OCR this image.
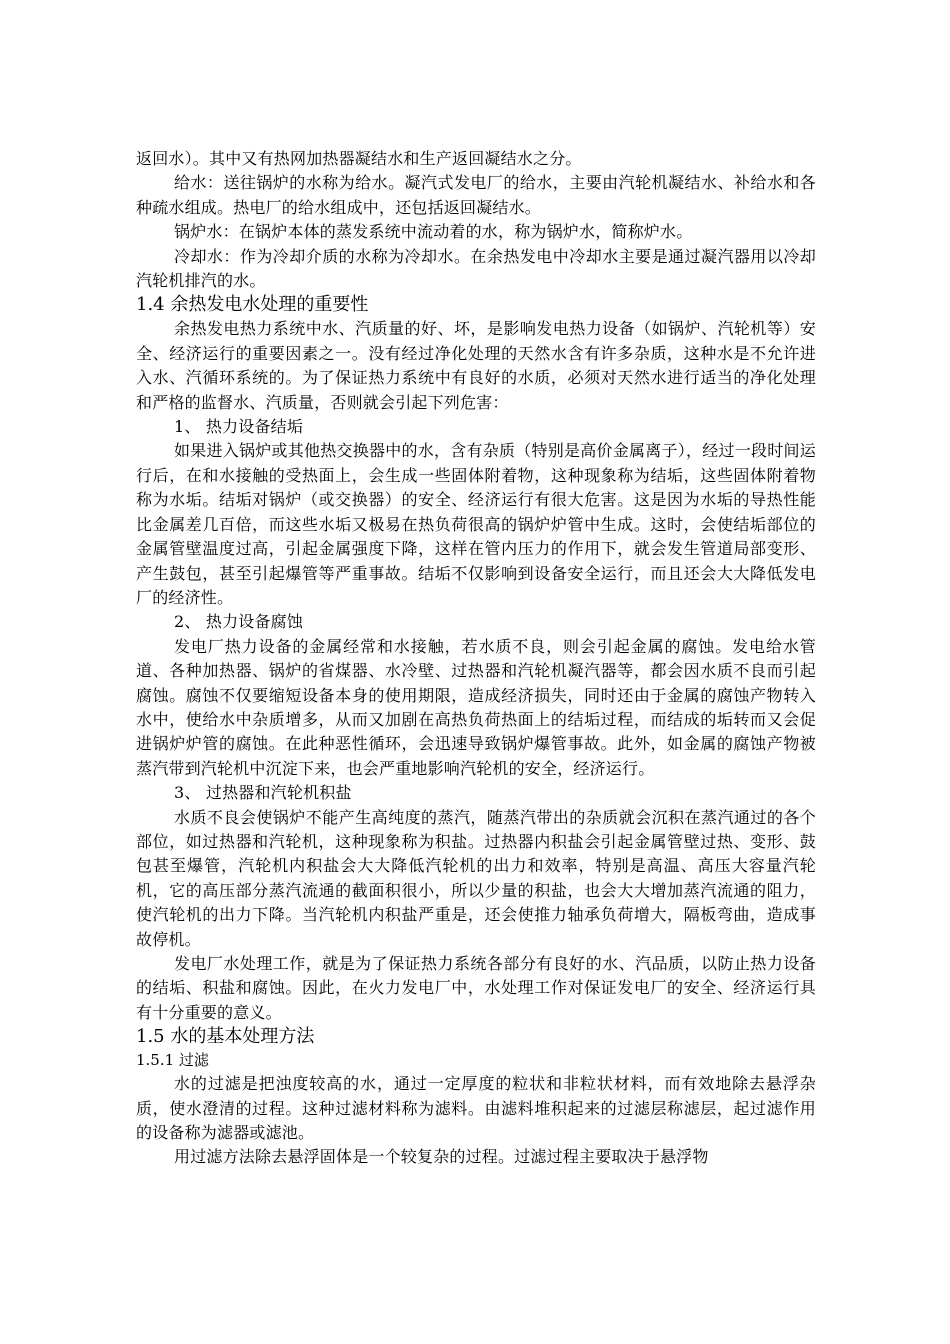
返回水）。其中又有热网加热器凝结水和生产返回凝结水之分。

给水：送往锅炉的水称为给水。凝汽式发电厂的给水，主要由汽轮机凝结水、补给水和各种疏水组成。热电厂的给水组成中，还包括返回凝结水。

锅炉水：在锅炉本体的蒸发系统中流动着的水，称为锅炉水，简称炉水。

冷却水：作为冷却介质的水称为冷却水。在余热发电中冷却水主要是通过凝汽器用以冷却汽轮机排汽的水。

1.4 余热发电水处理的重要性

余热发电热力系统中水、汽质量的好、坏，是影响发电热力设备（如锅炉、汽轮机等）安全、经济运行的重要因素之一。没有经过净化处理的天然水含有许多杂质，这种水是不允许进入水、汽循环系统的。为了保证热力系统中有良好的水质，必须对天然水进行适当的净化处理和严格的监督水、汽质量，否则就会引起下列危害：

1、 热力设备结垢

如果进入锅炉或其他热交换器中的水，含有杂质（特别是高价金属离子），经过一段时间运行后，在和水接触的受热面上，会生成一些固体附着物，这种现象称为结垢，这些固体附着物称为水垢。结垢对锅炉（或交换器）的安全、经济运行有很大危害。这是因为水垢的导热性能比金属差几百倍，而这些水垢又极易在热负荷很高的锅炉炉管中生成。这时，会使结垢部位的金属管壁温度过高，引起金属强度下降，这样在管内压力的作用下，就会发生管道局部变形、产生鼓包，甚至引起爆管等严重事故。结垢不仅影响到设备安全运行，而且还会大大降低发电厂的经济性。

2、 热力设备腐蚀

发电厂热力设备的金属经常和水接触，若水质不良，则会引起金属的腐蚀。发电给水管道、各种加热器、锅炉的省煤器、水冷壁、过热器和汽轮机凝汽器等，都会因水质不良而引起腐蚀。腐蚀不仅要缩短设备本身的使用期限，造成经济损失，同时还由于金属的腐蚀产物转入水中，使给水中杂质增多，从而又加剧在高热负荷热面上的结垢过程，而结成的垢转而又会促进锅炉炉管的腐蚀。在此种恶性循环，会迅速导致锅炉爆管事故。此外，如金属的腐蚀产物被蒸汽带到汽轮机中沉淀下来，也会严重地影响汽轮机的安全，经济运行。

3、 过热器和汽轮机积盐

水质不良会使锅炉不能产生高纯度的蒸汽，随蒸汽带出的杂质就会沉积在蒸汽通过的各个部位，如过热器和汽轮机，这种现象称为积盐。过热器内积盐会引起金属管壁过热、变形、鼓包甚至爆管，汽轮机内积盐会大大降低汽轮机的出力和效率，特别是高温、高压大容量汽轮机，它的高压部分蒸汽流通的截面积很小，所以少量的积盐，也会大大增加蒸汽流通的阻力，使汽轮机的出力下降。当汽轮机内积盐严重是，还会使推力轴承负荷增大，隔板弯曲，造成事故停机。

发电厂水处理工作，就是为了保证热力系统各部分有良好的水、汽品质，以防止热力设备的结垢、积盐和腐蚀。因此，在火力发电厂中，水处理工作对保证发电厂的安全、经济运行具有十分重要的意义。

1.5 水的基本处理方法
1.5.1 过滤

水的过滤是把浊度较高的水，通过一定厚度的粒状和非粒状材料，而有效地除去悬浮杂质，使水澄清的过程。这种过滤材料称为滤料。由滤料堆积起来的过滤层称滤层，起过滤作用的设备称为滤器或滤池。

用过滤方法除去悬浮固体是一个较复杂的过程。过滤过程主要取决于悬浮物
